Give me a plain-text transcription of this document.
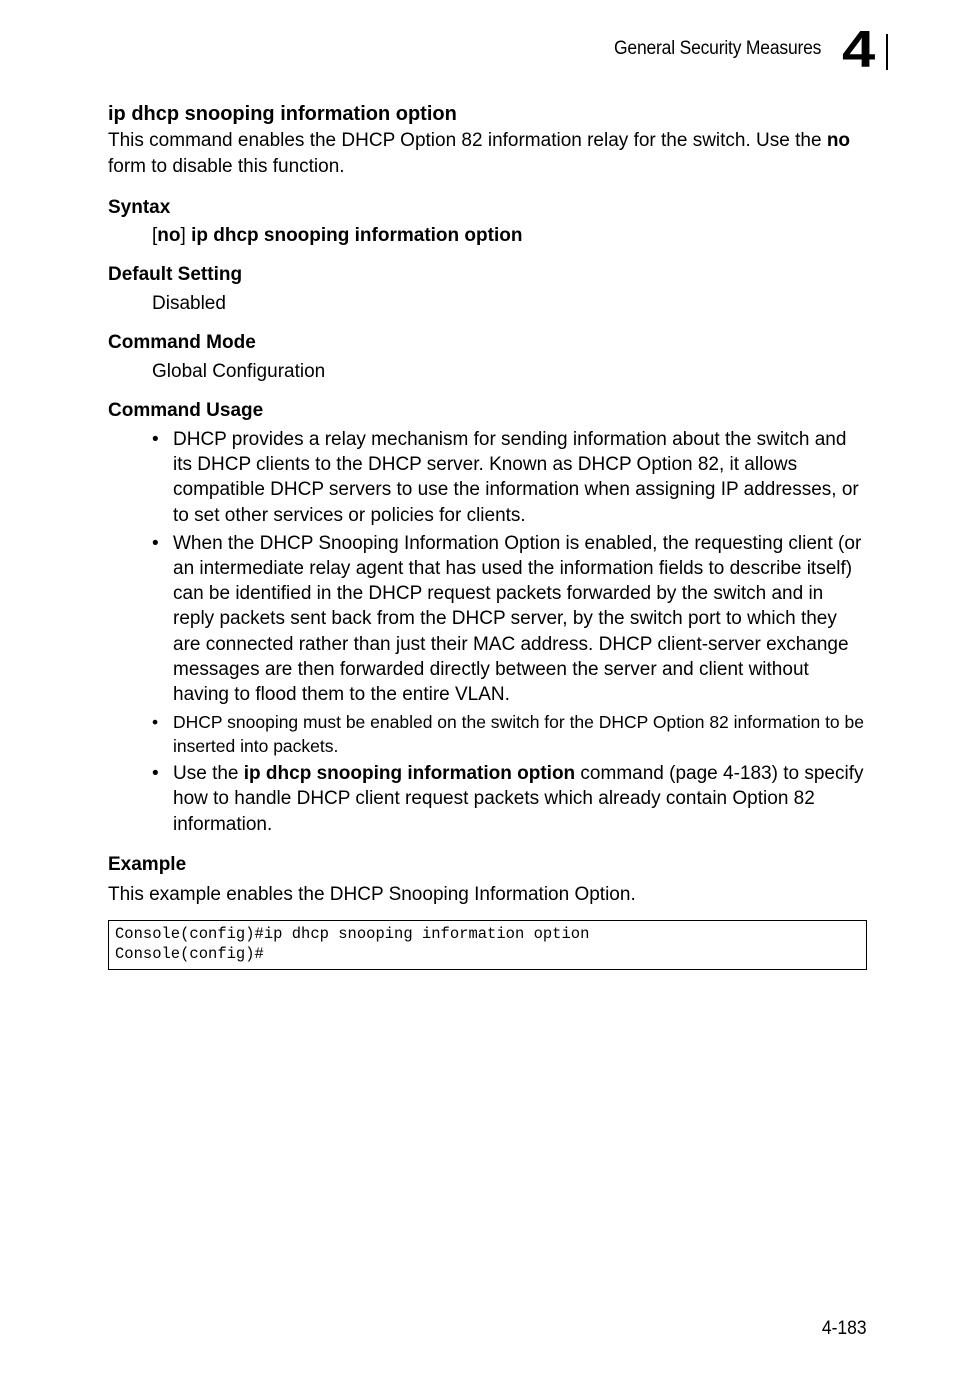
General Security Measures 4
ip dhcp snooping information option

This command enables the DHCP Option 82 information relay for the switch. Use the no form to disable this function.

Syntax
[no] ip dhcp snooping information option
Default Setting
Disabled
Command Mode
Global Configuration
Command Usage
• DHCP provides a relay mechanism for sending information about the switch and its DHCP clients to the DHCP server. Known as DHCP Option 82, it allows compatible DHCP servers to use the information when assigning IP addresses, or to set other services or policies for clients.
• When the DHCP Snooping Information Option is enabled, the requesting client (or an intermediate relay agent that has used the information fields to describe itself) can be identified in the DHCP request packets forwarded by the switch and in reply packets sent back from the DHCP server, by the switch port to which they are connected rather than just their MAC address. DHCP client-server exchange messages are then forwarded directly between the server and client without having to flood them to the entire VLAN.
• DHCP snooping must be enabled on the switch for the DHCP Option 82 information to be inserted into packets.
• Use the ip dhcp snooping information option command (page 4-183) to specify how to handle DHCP client request packets which already contain Option 82 information.
Example

This example enables the DHCP Snooping Information Option.

Console(config)#ip dhcp snooping information option
Console(config)#
4-183
